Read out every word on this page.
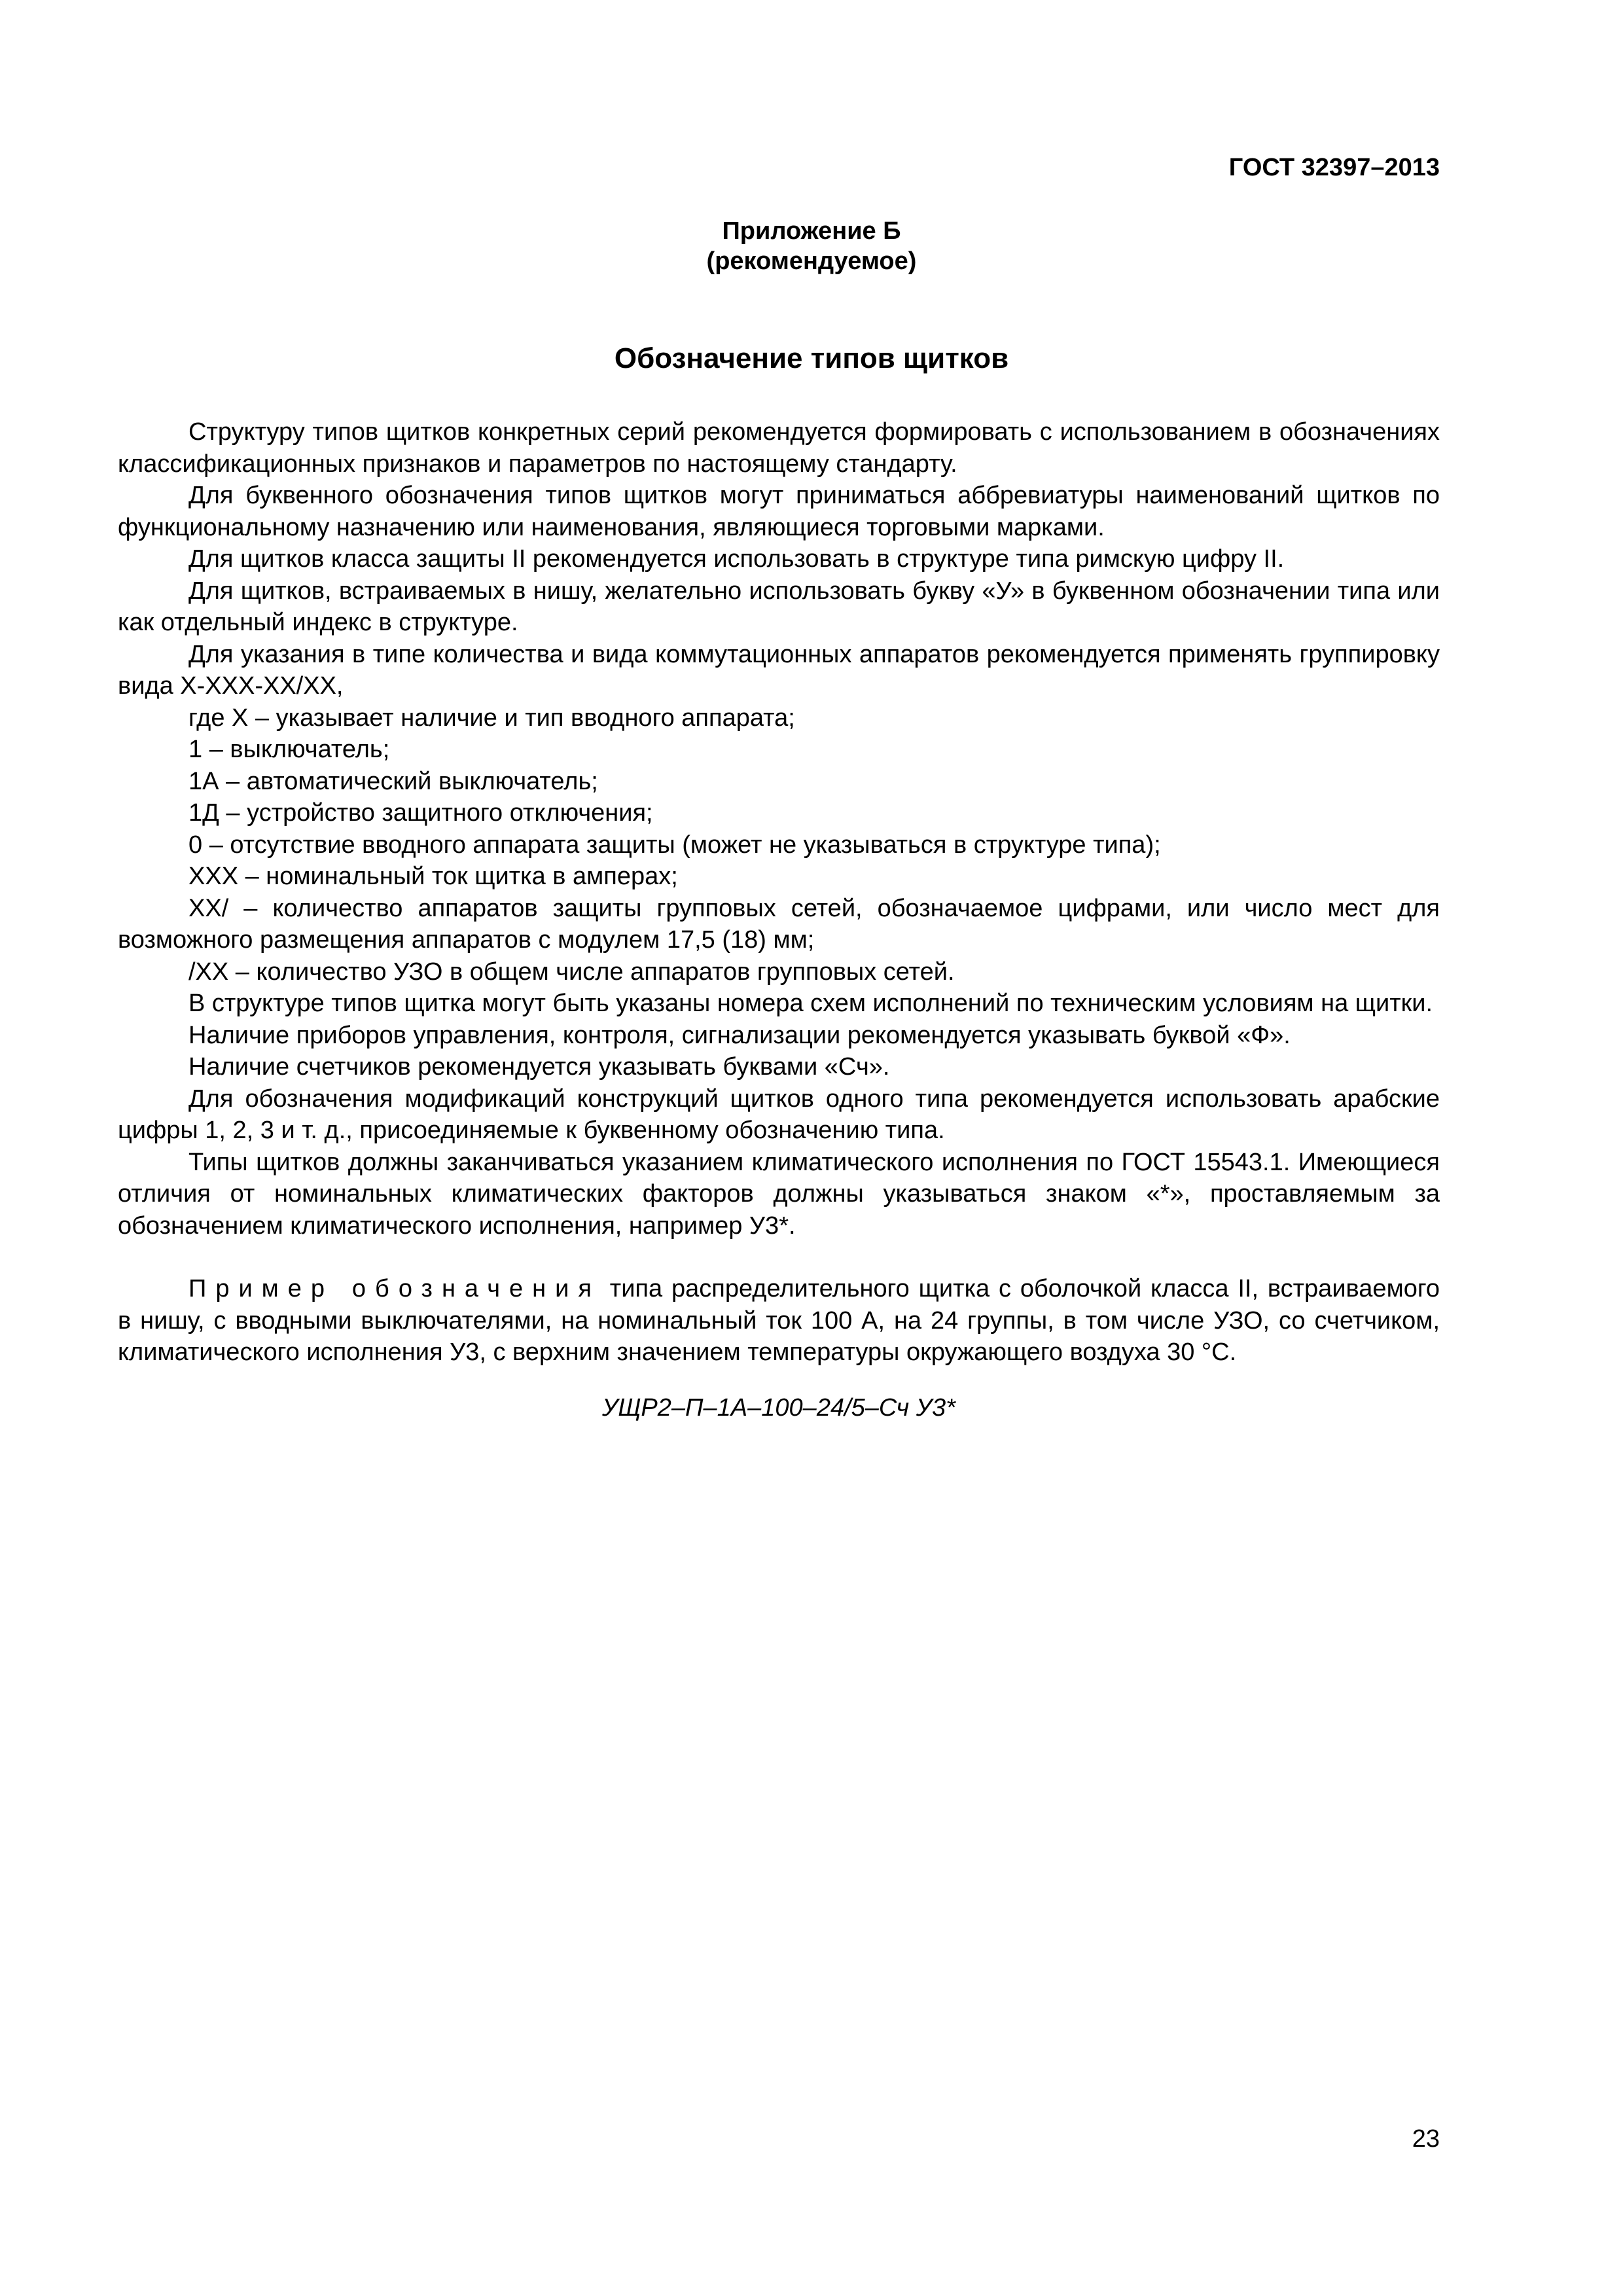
ГОСТ 32397–2013
Приложение Б
(рекомендуемое)
Обозначение типов щитков

Структуру типов щитков конкретных серий рекомендуется формировать с использованием в обозначениях классификационных признаков и параметров по настоящему стандарту.

Для буквенного обозначения типов щитков могут приниматься аббревиатуры наименований щитков по функциональному назначению или наименования, являющиеся торговыми марками.

Для щитков класса защиты II рекомендуется использовать в структуре типа римскую цифру II.

Для щитков, встраиваемых в нишу, желательно использовать букву «У» в буквенном обозначении типа или как отдельный индекс в структуре.

Для указания в типе количества и вида коммутационных аппаратов рекомендуется применять группировку вида Х-ХХХ-ХХ/ХХ,

где Х – указывает наличие и тип вводного аппарата;

1 – выключатель;

1А – автоматический выключатель;

1Д – устройство защитного отключения;

0 – отсутствие вводного аппарата защиты (может не указываться в структуре типа);

ХХХ – номинальный ток щитка в амперах;

ХХ/ – количество аппаратов защиты групповых сетей, обозначаемое цифрами, или число мест для возможного размещения аппаратов с модулем 17,5 (18) мм;

/ХХ – количество УЗО в общем числе аппаратов групповых сетей.

В структуре типов щитка могут быть указаны номера схем исполнений по техническим условиям на щитки.

Наличие приборов управления, контроля, сигнализации рекомендуется указывать буквой «Ф».

Наличие счетчиков рекомендуется указывать буквами «Сч».

Для обозначения модификаций конструкций щитков одного типа рекомендуется использовать арабские цифры 1, 2, 3 и т. д., присоединяемые к буквенному обозначению типа.

Типы щитков должны заканчиваться указанием климатического исполнения по ГОСТ 15543.1. Имеющиеся отличия от номинальных климатических факторов должны указываться знаком «*», проставляемым за обозначением климатического исполнения, например У3*.

Пример обозначения типа распределительного щитка с оболочкой класса II, встраиваемого в нишу, с вводными выключателями, на номинальный ток 100 А, на 24 группы, в том числе УЗО, со счетчиком, климатического исполнения У3, с верхним значением температуры окружающего воздуха 30 °С.

УЩР2–П–1А–100–24/5–Сч У3*
23
